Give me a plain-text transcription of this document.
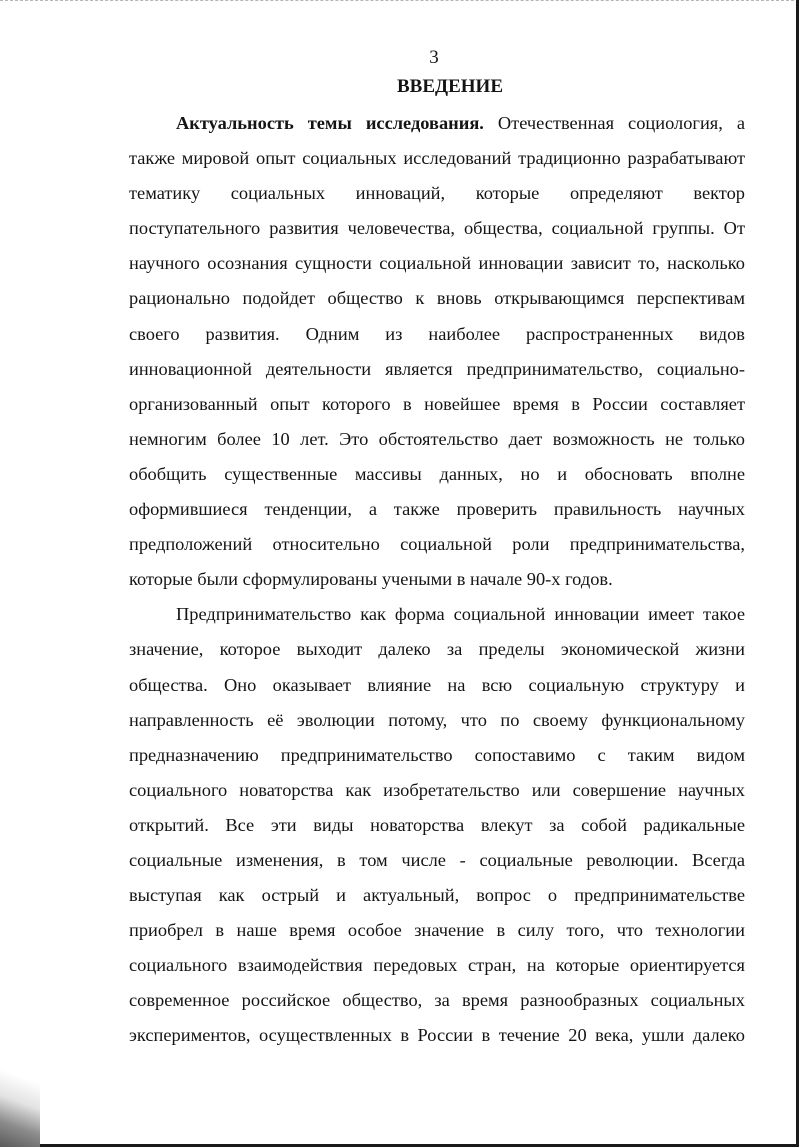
3
ВВЕДЕНИЕ
Актуальность темы исследования. Отечественная социология, а
также мировой опыт социальных исследований традиционно разрабатывают
тематику социальных инноваций, которые определяют вектор
поступательного развития человечества, общества, социальной группы. От
научного осознания сущности социальной инновации зависит то, насколько
рационально подойдет общество к вновь открывающимся перспективам
своего развития. Одним из наиболее распространенных видов
инновационной деятельности является предпринимательство, социально-
организованный опыт которого в новейшее время в России составляет
немногим более 10 лет. Это обстоятельство дает возможность не только
обобщить существенные массивы данных, но и обосновать вполне
оформившиеся тенденции, а также проверить правильность научных
предположений относительно социальной роли предпринимательства,
которые были сформулированы учеными в начале 90-х годов.
Предпринимательство как форма социальной инновации имеет такое
значение, которое выходит далеко за пределы экономической жизни
общества. Оно оказывает влияние на всю социальную структуру и
направленность её эволюции потому, что по своему функциональному
предназначению предпринимательство сопоставимо с таким видом
социального новаторства как изобретательство или совершение научных
открытий. Все эти виды новаторства влекут за собой радикальные
социальные изменения, в том числе - социальные революции. Всегда
выступая как острый и актуальный, вопрос о предпринимательстве
приобрел в наше время особое значение в силу того, что технологии
социального взаимодействия передовых стран, на которые ориентируется
современное российское общество, за время разнообразных социальных
экспериментов, осуществленных в России в течение 20 века, ушли далеко
